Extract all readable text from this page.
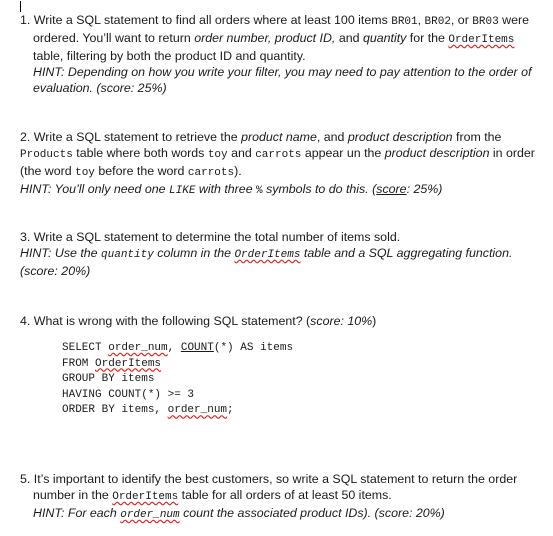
1. Write a SQL statement to find all orders where at least 100 items BR01, BR02, or BR03 were ordered. You’ll want to return order number, product ID, and quantity for the OrderItems table, filtering by both the product ID and quantity.

HINT: Depending on how you write your filter, you may need to pay attention to the order of evaluation. (score: 25%)

2. Write a SQL statement to retrieve the product name, and product description from the Products table where both words toy and carrots appear un the product description in order (the word toy before the word carrots).

HINT: You’ll only need one LIKE with three % symbols to do this. (score: 25%)

3. Write a SQL statement to determine the total number of items sold.

HINT: Use the quantity column in the OrderItems table and a SQL aggregating function. (score: 20%)

4. What is wrong with the following SQL statement? (score: 10%)

SELECT order_num, COUNT(*) AS items
FROM OrderItems
GROUP BY items
HAVING COUNT(*) >= 3
ORDER BY items, order_num;

5. It’s important to identify the best customers, so write a SQL statement to return the order number in the OrderItems table for all orders of at least 50 items.

HINT: For each order_num count the associated product IDs). (score: 20%)
